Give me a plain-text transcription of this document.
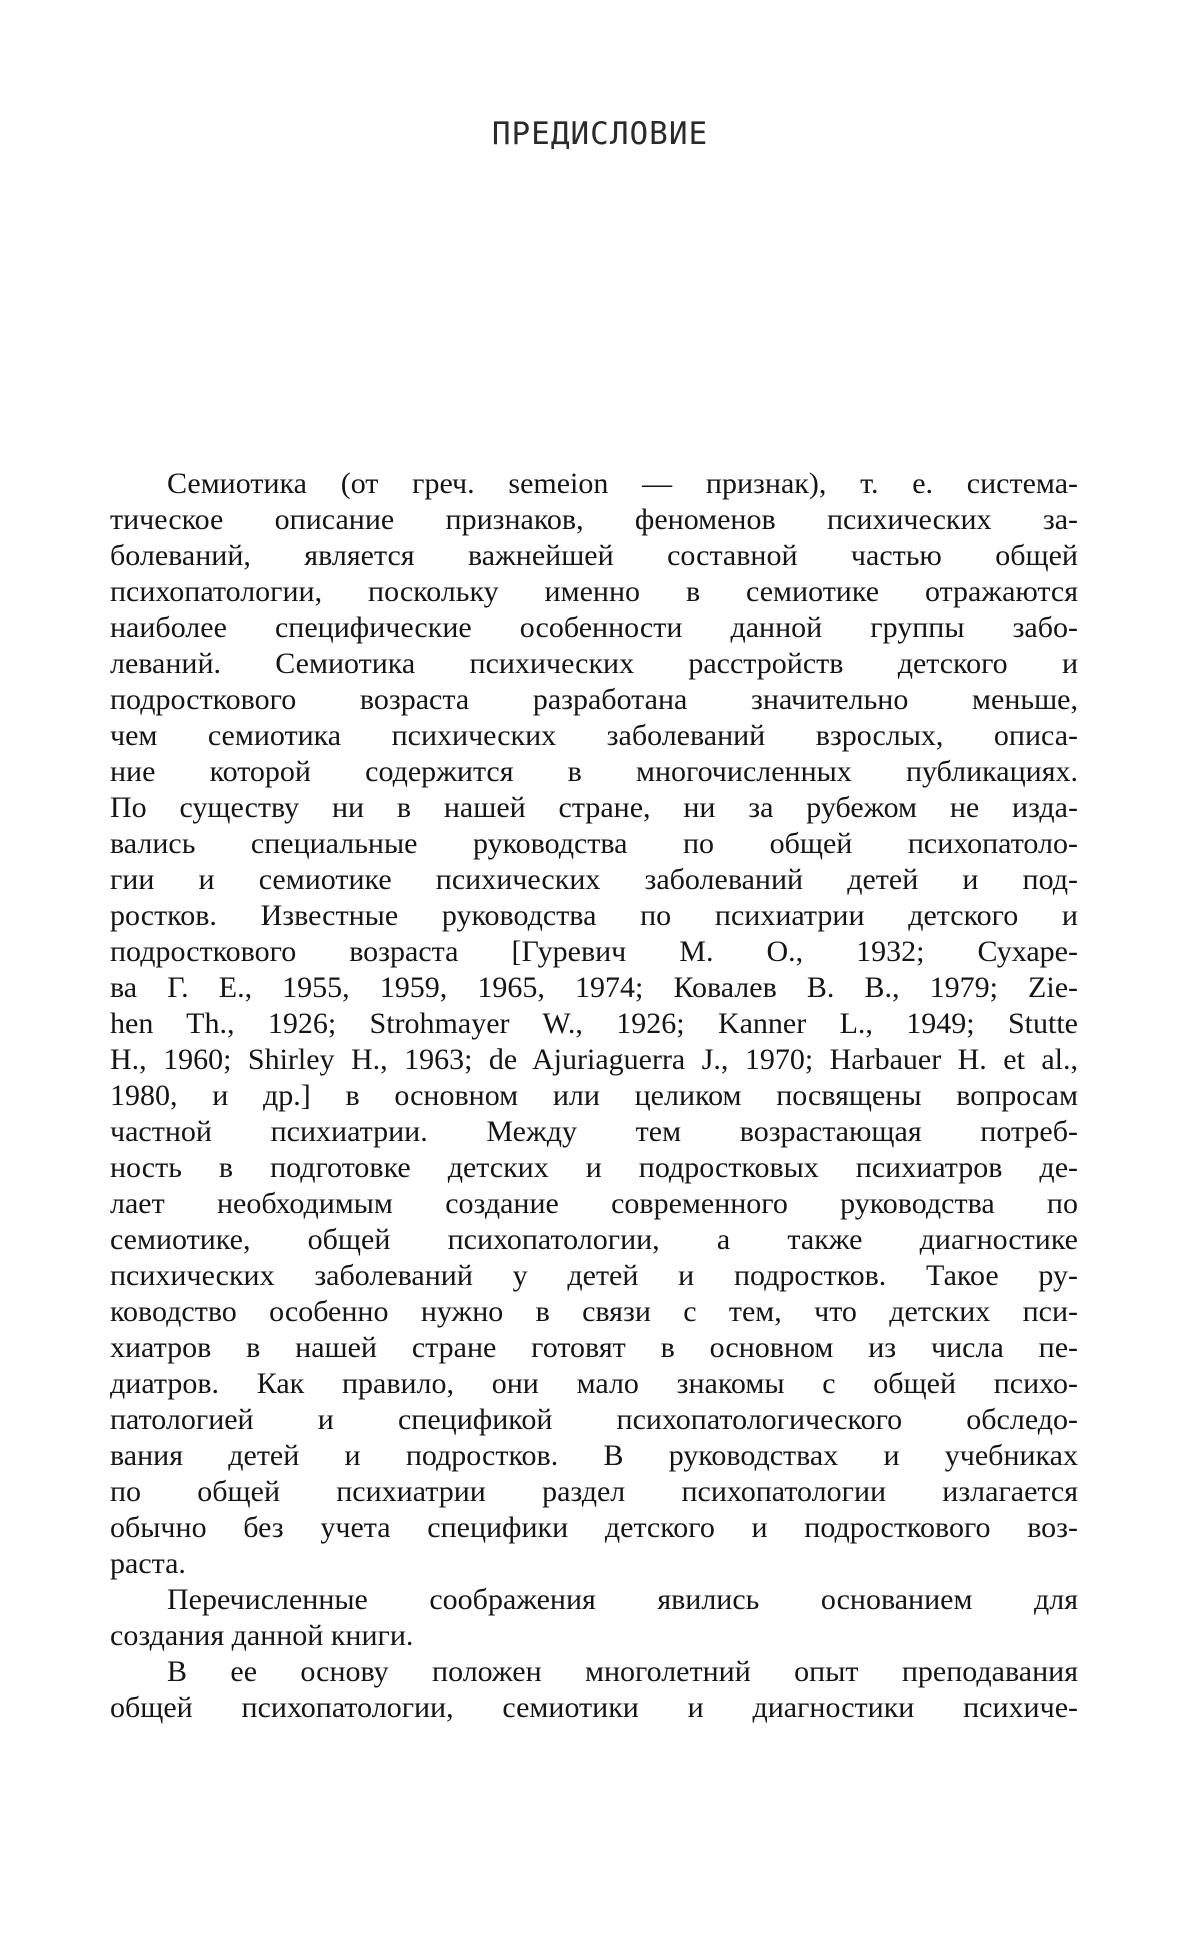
ПРЕДИСЛОВИЕ
Семиотика (от греч. semeion — признак), т. е. система-
тическое описание признаков, феноменов психических за-
болеваний, является важнейшей составной частью общей
психопатологии, поскольку именно в семиотике отражаются
наиболее специфические особенности данной группы забо-
леваний. Семиотика психических расстройств детского и
подросткового возраста разработана значительно меньше,
чем семиотика психических заболеваний взрослых, описа-
ние которой содержится в многочисленных публикациях.
По существу ни в нашей стране, ни за рубежом не изда-
вались специальные руководства по общей психопатоло-
гии и семиотике психических заболеваний детей и под-
ростков. Известные руководства по психиатрии детского и
подросткового возраста [Гуревич М. О., 1932; Сухаре-
ва Г. Е., 1955, 1959, 1965, 1974; Ковалев В. В., 1979; Zie-
hen Th., 1926; Strohmayer W., 1926; Kanner L., 1949; Stutte
H., 1960; Shirley H., 1963; de Ajuriaguerra J., 1970; Harbauer H. et al.,
1980, и др.] в основном или целиком посвящены вопросам
частной психиатрии. Между тем возрастающая потреб-
ность в подготовке детских и подростковых психиатров де-
лает необходимым создание современного руководства по
семиотике, общей психопатологии, а также диагностике
психических заболеваний у детей и подростков. Такое ру-
ководство особенно нужно в связи с тем, что детских пси-
хиатров в нашей стране готовят в основном из числа пе-
диатров. Как правило, они мало знакомы с общей психо-
патологией и спецификой психопатологического обследо-
вания детей и подростков. В руководствах и учебниках
по общей психиатрии раздел психопатологии излагается
обычно без учета специфики детского и подросткового воз-
раста.
Перечисленные соображения явились основанием для
создания данной книги.
В ее основу положен многолетний опыт преподавания
общей психопатологии, семиотики и диагностики психиче-
